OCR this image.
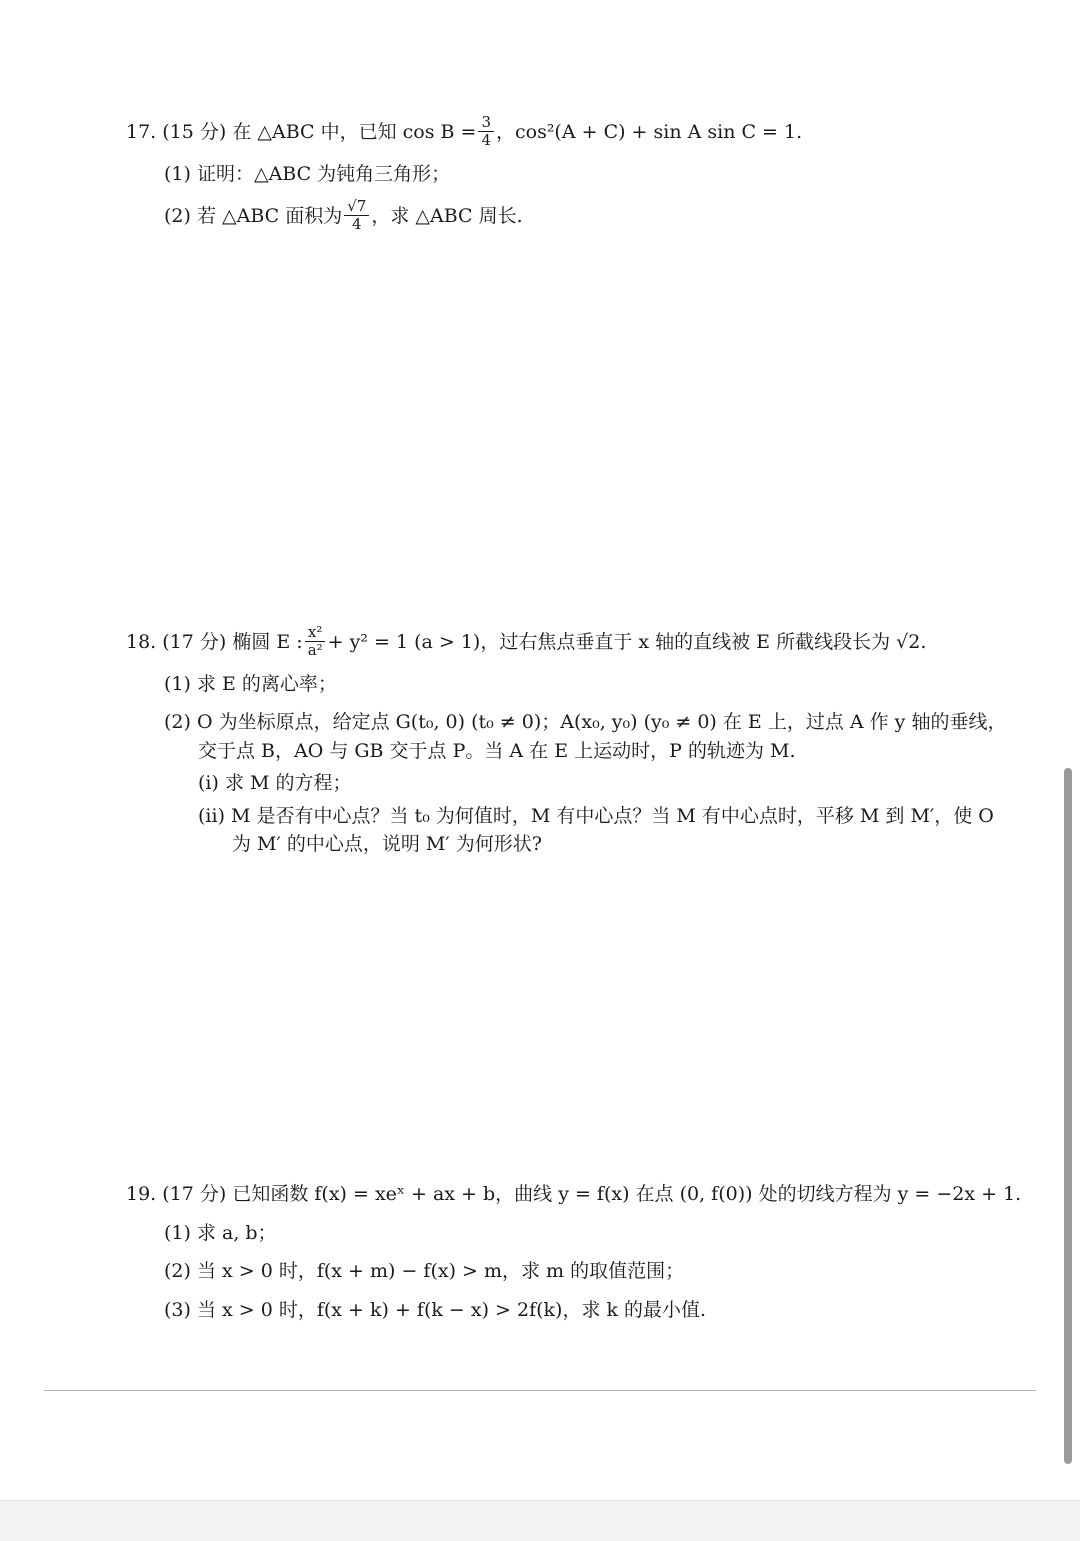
17. (15 分) 在 △ABC 中，已知 $\cos B = \frac{3}{4}$ ，cos²(A + C) + sin A sin C = 1.
(1) 证明：△ABC 为钝角三角形；
(2) 若 △ABC 面积为 $\frac{√7}{4}$ ，求 △ABC 周长.
18. (17 分) 椭圆 E : $\frac{\text{x²}}{\text{a²}} + y^2 = 1$ (a > 1)，过右焦点垂直于 x 轴的直线被 E 所截线段长为 √2.
(1) 求 E 的离心率；
(2) O 为坐标原点，给定点 G(t₀, 0) (t₀ ≠ 0)；A(x₀, y₀) (y₀ ≠ 0) 在 E 上，过点 A 作 y 轴的垂线，交于点 B，AO 与 GB 交于点 P。当 A 在 E 上运动时，P 的轨迹为 M.
(i) 求 M 的方程；
(ii) M 是否有中心点？当 t₀ 为何值时，M 有中心点？当 M 有中心点时，平移 M 到 M′，使 O 为 M′ 的中心点，说明 M′ 为何形状?
19. (17 分) 已知函数 f(x) = xeˣ + ax + b，曲线 y = f(x) 在点 (0, f(0)) 处的切线方程为 y = −2x + 1.
(1) 求 a, b；
(2) 当 x > 0 时，f(x + m) − f(x) > m，求 m 的取值范围；
(3) 当 x > 0 时，f(x + k) + f(k − x) > 2f(k)，求 k 的最小值.
